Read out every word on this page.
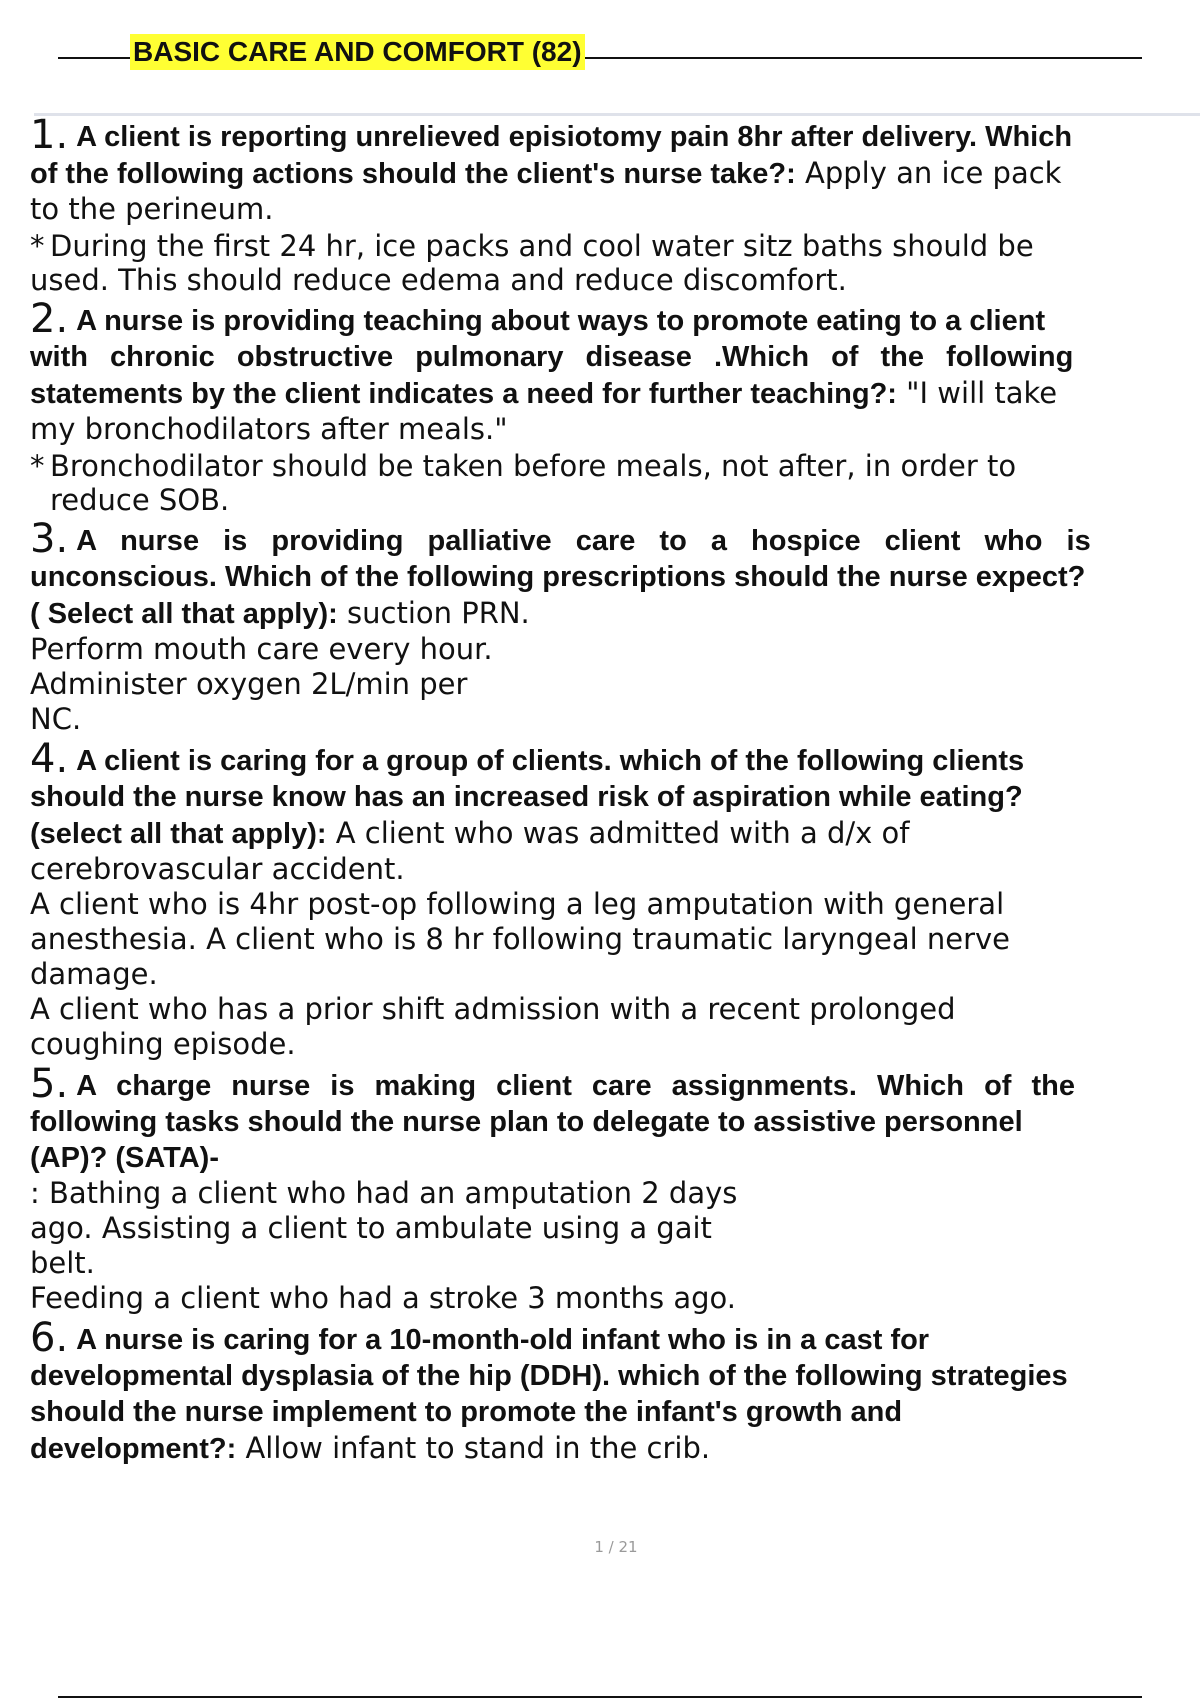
BASIC CARE AND COMFORT (82)

1. A client is reporting unrelieved episiotomy pain 8hr after delivery. Which
of the following actions should the client's nurse take?: Apply an ice pack

to the perineum.

* During the first 24 hr, ice packs and cool water sitz baths should be
used. This should reduce edema and reduce discomfort.

2. A nurse is providing teaching about ways to promote eating to a client
with chronic obstructive pulmonary disease .Which of the following
statements by the client indicates a need for further teaching?: "I will take

my bronchodilators after meals."

* Bronchodilator should be taken before meals, not after, in order to
reduce SOB.

3. A nurse is providing palliative care to a hospice client who is
unconscious. Which of the following prescriptions should the nurse expect?
( Select all that apply): suction PRN.

Perform mouth care every hour.

Administer oxygen 2L/min per

NC.

4. A client is caring for a group of clients. which of the following clients
should the nurse know has an increased risk of aspiration while eating?
(select all that apply): A client who was admitted with a d/x of

cerebrovascular accident.

A client who is 4hr post-op following a leg amputation with general

anesthesia. A client who is 8 hr following traumatic laryngeal nerve

damage.

A client who has a prior shift admission with a recent prolonged

coughing episode.

5. A charge nurse is making client care assignments. Which of the
following tasks should the nurse plan to delegate to assistive personnel
(AP)? (SATA)-

: Bathing a client who had an amputation 2 days

ago. Assisting a client to ambulate using a gait

belt.

Feeding a client who had a stroke 3 months ago.

6. A nurse is caring for a 10-month-old infant who is in a cast for
developmental dysplasia of the hip (DDH). which of the following strategies
should the nurse implement to promote the infant's growth and
development?: Allow infant to stand in the crib.

1 / 21
